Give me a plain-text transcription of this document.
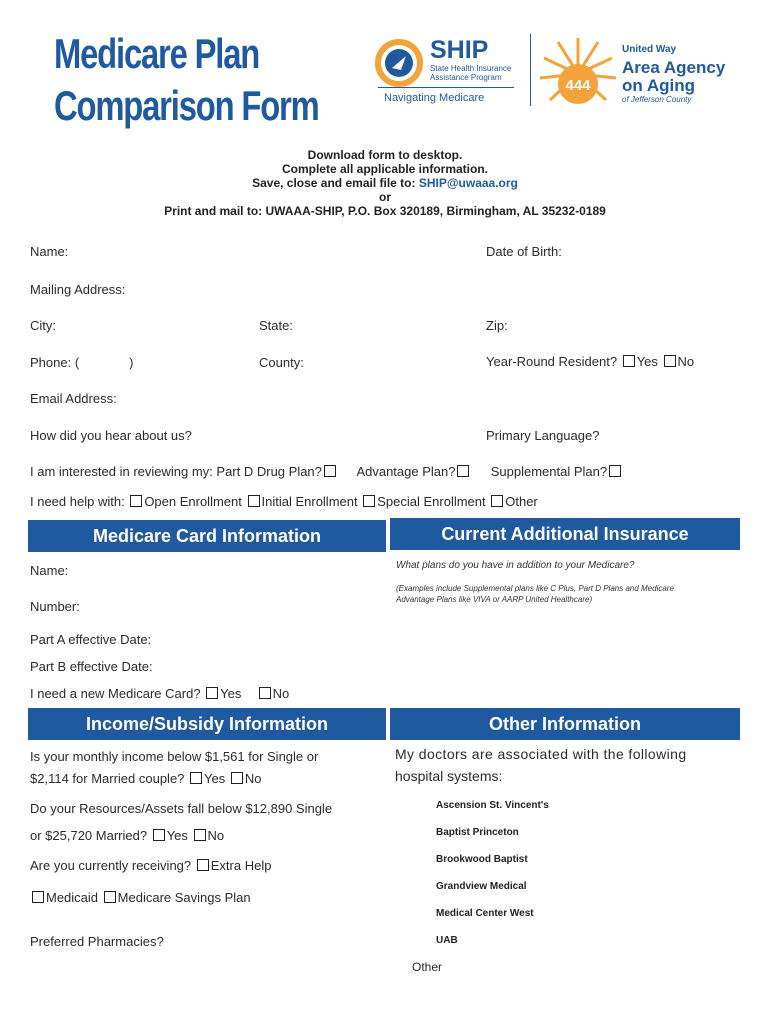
Medicare Plan
Comparison Form
SHIP
State Health Insurance
Assistance Program
Navigating Medicare
444
United Way
Area Agency
on Aging
of Jefferson County
Download form to desktop.
Complete all applicable information.
Save, close and email file to: SHIP@uwaaa.org
or
Print and mail to: UWAAA-SHIP, P.O. Box 320189, Birmingham, AL 35232-0189
Name:	Date of Birth:
Mailing Address:
City:	State:	Zip:
Phone: (	)	County:	Year-Round Resident? Yes No
Email Address:
How did you hear about us?	Primary Language?
I am interested in reviewing my: Part D Drug Plan?	Advantage Plan?	Supplemental Plan?
I need help with: Open Enrollment Initial Enrollment Special Enrollment Other
Medicare Card Information	Current Additional Insurance
Name:
Number:
Part A effective Date:
Part B effective Date:
I need a new Medicare Card? Yes No
What plans do you have in addition to your Medicare?
(Examples include Supplemental plans like C Plus, Part D Plans and Medicare
Advantage Plans like VIVA or AARP United Healthcare)
Income/Subsidy Information	Other Information
Is your monthly income below $1,561 for Single or
$2,114 for Married couple? Yes No
Do your Resources/Assets fall below $12,890 Single
or $25,720 Married? Yes No
Are you currently receiving? Extra Help
Medicaid Medicare Savings Plan
Preferred Pharmacies?
My doctors are associated with the following
hospital systems:
Ascension St. Vincent's
Baptist Princeton
Brookwood Baptist
Grandview Medical
Medical Center West
UAB
Other
